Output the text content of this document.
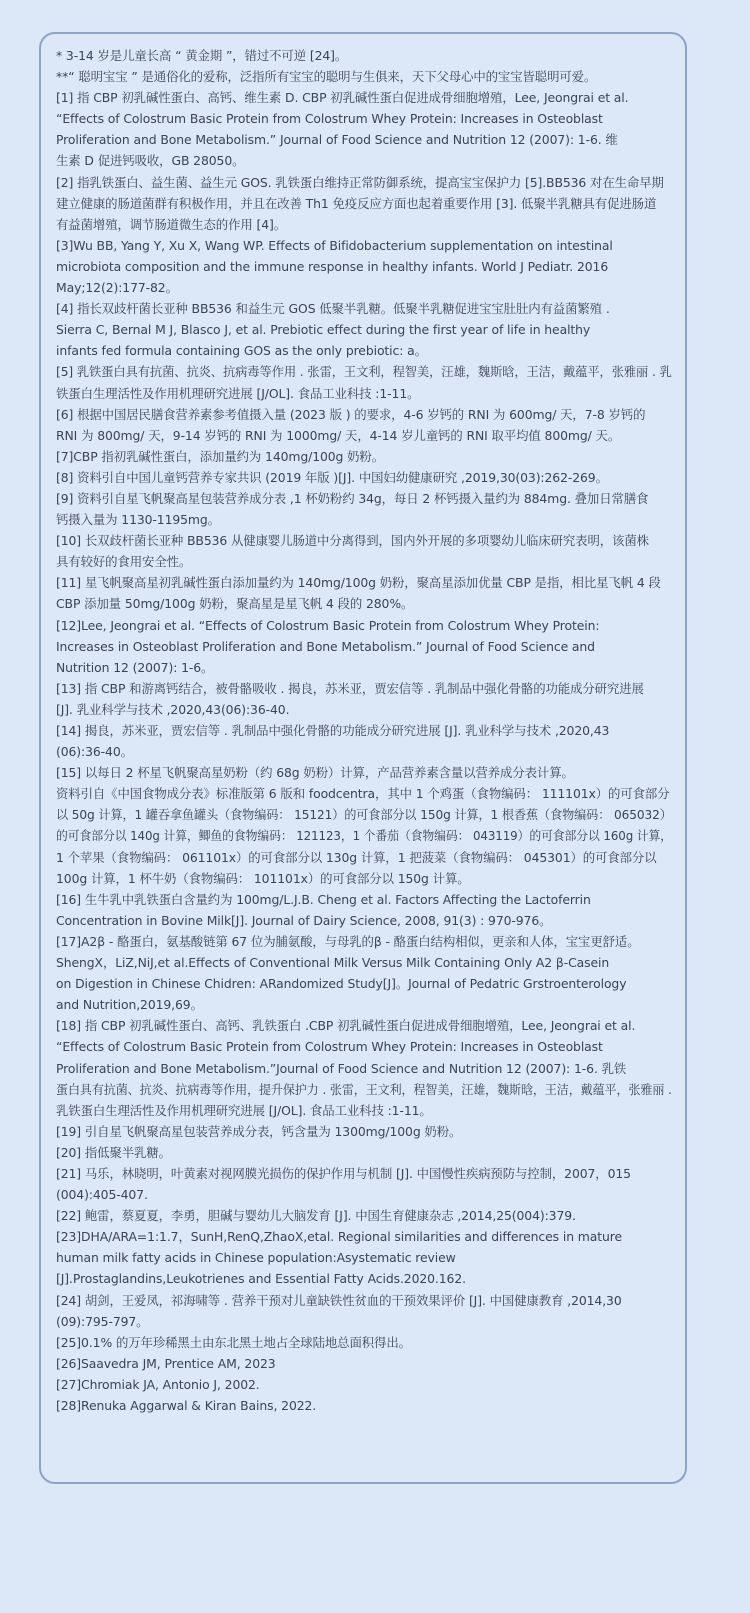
* 3-14 岁是儿童长高 “ 黄金期 ”，错过不可逆 [24]。
**“ 聪明宝宝 ” 是通俗化的爱称，泛指所有宝宝的聪明与生俱来，天下父母心中的宝宝皆聪明可爱。
[1] 指 CBP 初乳碱性蛋白、高钙、维生素 D. CBP 初乳碱性蛋白促进成骨细胞增殖，Lee, Jeongrai et al.
“Effects of Colostrum Basic Protein from Colostrum Whey Protein: Increases in Osteoblast
Proliferation and Bone Metabolism.” Journal of Food Science and Nutrition 12 (2007): 1-6. 维
生素 D 促进钙吸收，GB 28050。
[2] 指乳铁蛋白、益生菌、益生元 GOS. 乳铁蛋白维持正常防御系统，提高宝宝保护力 [5].BB536 对在生命早期
建立健康的肠道菌群有积极作用，并且在改善 Th1 免疫反应方面也起着重要作用 [3]. 低聚半乳糖具有促进肠道
有益菌增殖，调节肠道微生态的作用 [4]。
[3]Wu BB, Yang Y, Xu X, Wang WP. Effects of Bifidobacterium supplementation on intestinal
microbiota composition and the immune response in healthy infants. World J Pediatr. 2016
May;12(2):177-82。
[4] 指长双歧杆菌长亚种 BB536 和益生元 GOS 低聚半乳糖。低聚半乳糖促进宝宝肚肚内有益菌繁殖 .
Sierra C, Bernal M J, Blasco J, et al. Prebiotic effect during the first year of life in healthy
infants fed formula containing GOS as the only prebiotic: a。
[5] 乳铁蛋白具有抗菌、抗炎、抗病毒等作用 . 张雷，王文利，程智美，汪雄，魏斯晗，王洁，戴蕴平，张雅丽 . 乳
铁蛋白生理活性及作用机理研究进展 [J/OL]. 食品工业科技 :1-11。
[6] 根据中国居民膳食营养素参考值摄入量 (2023 版 ) 的要求，4-6 岁钙的 RNI 为 600mg/ 天，7-8 岁钙的
RNI 为 800mg/ 天，9-14 岁钙的 RNI 为 1000mg/ 天，4-14 岁儿童钙的 RNI 取平均值 800mg/ 天。
[7]CBP 指初乳碱性蛋白，添加量约为 140mg/100g 奶粉。
[8] 资料引自中国儿童钙营养专家共识 (2019 年版 )[J]. 中国妇幼健康研究 ,2019,30(03):262-269。
[9] 资料引自星飞帆聚高星包装营养成分表 ,1 杯奶粉约 34g，每日 2 杯钙摄入量约为 884mg. 叠加日常膳食
钙摄入量为 1130-1195mg。
[10] 长双歧杆菌长亚种 BB536 从健康婴儿肠道中分离得到，国内外开展的多项婴幼儿临床研究表明，该菌株
具有较好的食用安全性。
[11] 星飞帆聚高星初乳碱性蛋白添加量约为 140mg/100g 奶粉，聚高星添加优量 CBP 是指，相比星飞帆 4 段
CBP 添加量 50mg/100g 奶粉，聚高星是星飞帆 4 段的 280%。
[12]Lee, Jeongrai et al. “Effects of Colostrum Basic Protein from Colostrum Whey Protein:
Increases in Osteoblast Proliferation and Bone Metabolism.” Journal of Food Science and
Nutrition 12 (2007): 1-6。
[13] 指 CBP 和游离钙结合，被骨骼吸收 . 揭良，苏米亚，贾宏信等 . 乳制品中强化骨骼的功能成分研究进展
[J]. 乳业科学与技术 ,2020,43(06):36-40.
[14] 揭良，苏米亚，贾宏信等 . 乳制品中强化骨骼的功能成分研究进展 [J]. 乳业科学与技术 ,2020,43
(06):36-40。
[15] 以每日 2 杯星飞帆聚高星奶粉（约 68g 奶粉）计算，产品营养素含量以营养成分表计算。
资料引自《中国食物成分表》标准版第 6 版和 foodcentra，其中 1 个鸡蛋（食物编码： 111101x）的可食部分
以 50g 计算，1 罐吞拿鱼罐头（食物编码： 15121）的可食部分以 150g 计算，1 根香蕉（食物编码： 065032）
的可食部分以 140g 计算，鲫鱼的食物编码： 121123，1 个番茄（食物编码： 043119）的可食部分以 160g 计算，
1 个苹果（食物编码： 061101x）的可食部分以 130g 计算，1 把菠菜（食物编码： 045301）的可食部分以
100g 计算，1 杯牛奶（食物编码： 101101x）的可食部分以 150g 计算。
[16] 生牛乳中乳铁蛋白含量约为 100mg/L.J.B. Cheng et al. Factors Affecting the Lactoferrin
Concentration in Bovine Milk[J]. Journal of Dairy Science, 2008, 91(3) : 970-976。
[17]A2β - 酪蛋白，氨基酸链第 67 位为脯氨酸，与母乳的β - 酪蛋白结构相似，更亲和人体，宝宝更舒适。
ShengX，LiZ,NiJ,et al.Effects of Conventional Milk Versus Milk Containing Only A2 β-Casein
on Digestion in Chinese Chidren: ARandomized Study[J]。Journal of Pedatric Grstroenterology
and Nutrition,2019,69。
[18] 指 CBP 初乳碱性蛋白、高钙、乳铁蛋白 .CBP 初乳碱性蛋白促进成骨细胞增殖，Lee, Jeongrai et al.
“Effects of Colostrum Basic Protein from Colostrum Whey Protein: Increases in Osteoblast
Proliferation and Bone Metabolism.”Journal of Food Science and Nutrition 12 (2007): 1-6. 乳铁
蛋白具有抗菌、抗炎、抗病毒等作用，提升保护力 . 张雷，王文利，程智美，汪雄，魏斯晗，王洁，戴蕴平，张雅丽 .
乳铁蛋白生理活性及作用机理研究进展 [J/OL]. 食品工业科技 :1-11。
[19] 引自星飞帆聚高星包装营养成分表，钙含量为 1300mg/100g 奶粉。
[20] 指低聚半乳糖。
[21] 马乐，林晓明，叶黄素对视网膜光损伤的保护作用与机制 [J]. 中国慢性疾病预防与控制，2007，015
(004):405-407.
[22] 鲍雷，蔡夏夏，李勇，胆碱与婴幼儿大脑发育 [J]. 中国生育健康杂志 ,2014,25(004):379.
[23]DHA/ARA=1:1.7，SunH,RenQ,ZhaoX,etal. Regional similarities and differences in mature
human milk fatty acids in Chinese population:Asystematic review
[J].Prostaglandins,Leukotrienes and Essential Fatty Acids.2020.162.
[24] 胡剑，王爱凤，祁海啸等 . 营养干预对儿童缺铁性贫血的干预效果评价 [J]. 中国健康教育 ,2014,30
(09):795-797。
[25]0.1% 的万年珍稀黑土由东北黑土地占全球陆地总面积得出。
[26]Saavedra JM, Prentice AM, 2023
[27]Chromiak JA, Antonio J, 2002.
[28]Renuka Aggarwal & Kiran Bains, 2022.
